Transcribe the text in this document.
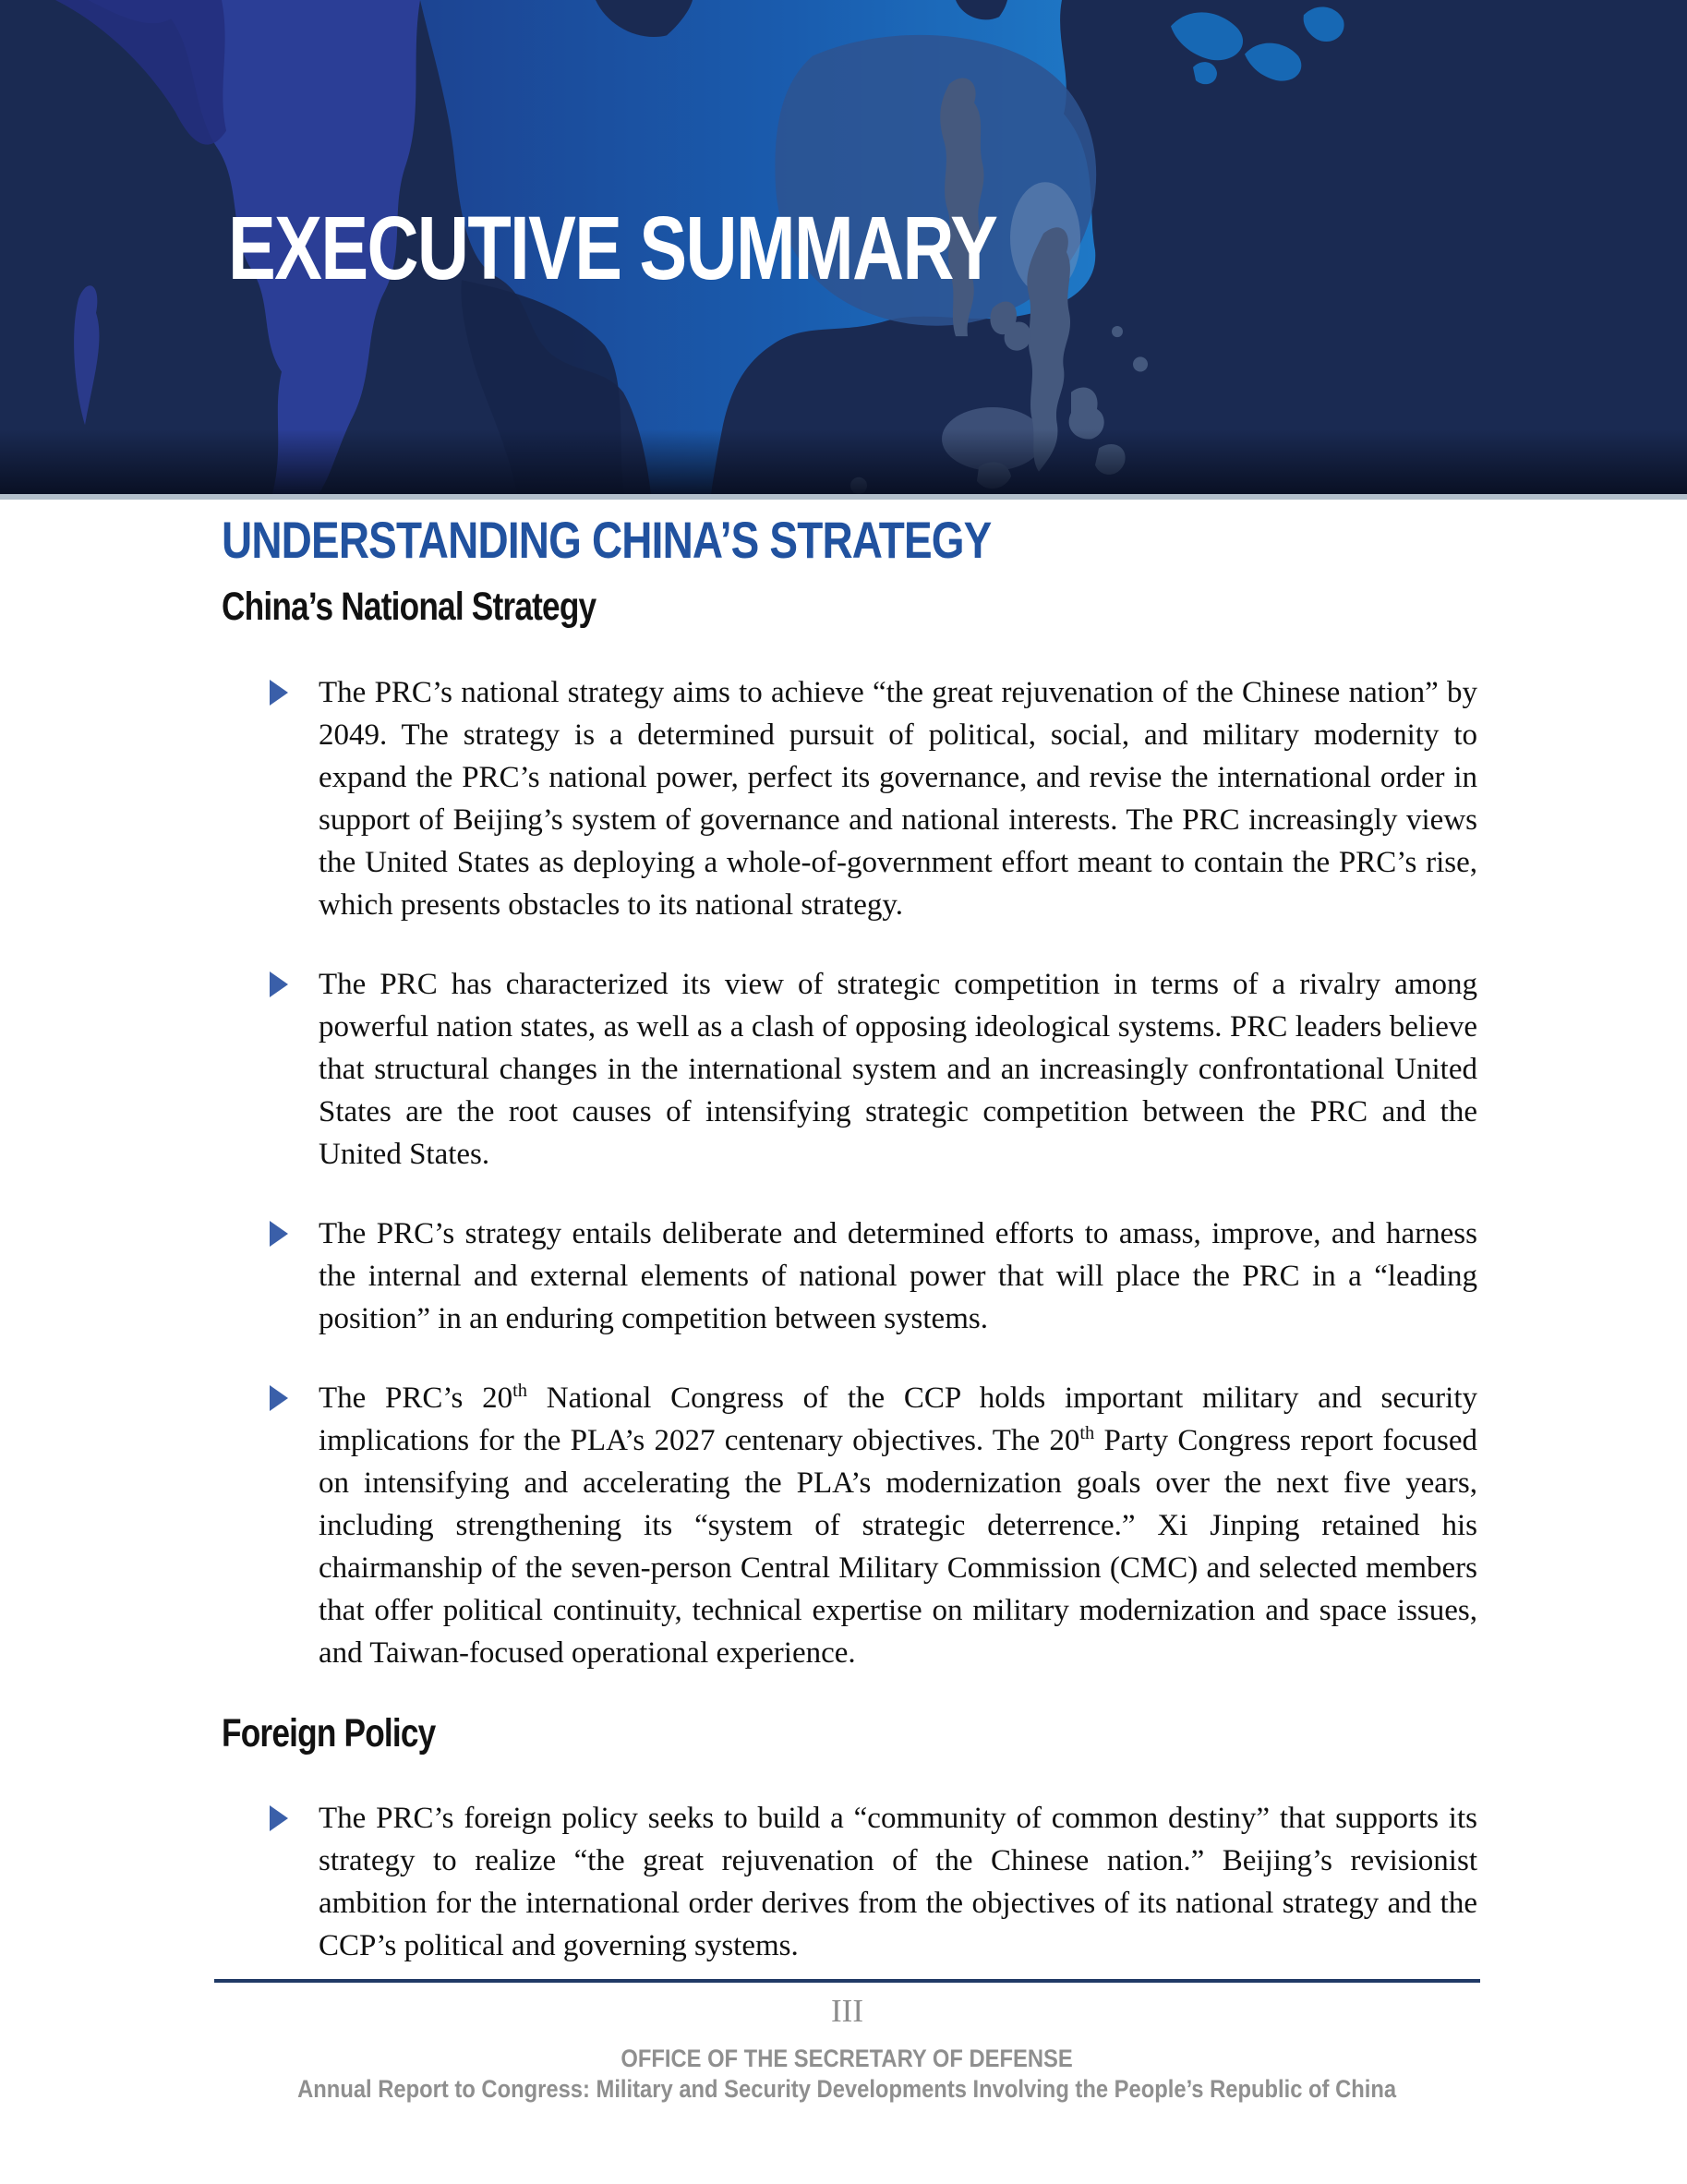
EXECUTIVE SUMMARY
UNDERSTANDING CHINA’S STRATEGY
China’s National Strategy
The PRC’s national strategy aims to achieve “the great rejuvenation of the Chinese nation” by 2049. The strategy is a determined pursuit of political, social, and military modernity to expand the PRC’s national power, perfect its governance, and revise the international order in support of Beijing’s system of governance and national interests. The PRC increasingly views the United States as deploying a whole-of-government effort meant to contain the PRC’s rise, which presents obstacles to its national strategy.
The PRC has characterized its view of strategic competition in terms of a rivalry among powerful nation states, as well as a clash of opposing ideological systems. PRC leaders believe that structural changes in the international system and an increasingly confrontational United States are the root causes of intensifying strategic competition between the PRC and the United States.
The PRC’s strategy entails deliberate and determined efforts to amass, improve, and harness the internal and external elements of national power that will place the PRC in a “leading position” in an enduring competition between systems.
The PRC’s 20th National Congress of the CCP holds important military and security implications for the PLA’s 2027 centenary objectives. The 20th Party Congress report focused on intensifying and accelerating the PLA’s modernization goals over the next five years, including strengthening its “system of strategic deterrence.” Xi Jinping retained his chairmanship of the seven-person Central Military Commission (CMC) and selected members that offer political continuity, technical expertise on military modernization and space issues, and Taiwan-focused operational experience.
Foreign Policy
The PRC’s foreign policy seeks to build a “community of common destiny” that supports its strategy to realize “the great rejuvenation of the Chinese nation.” Beijing’s revisionist ambition for the international order derives from the objectives of its national strategy and the CCP’s political and governing systems.
III
OFFICE OF THE SECRETARY OF DEFENSE
Annual Report to Congress: Military and Security Developments Involving the People’s Republic of China
